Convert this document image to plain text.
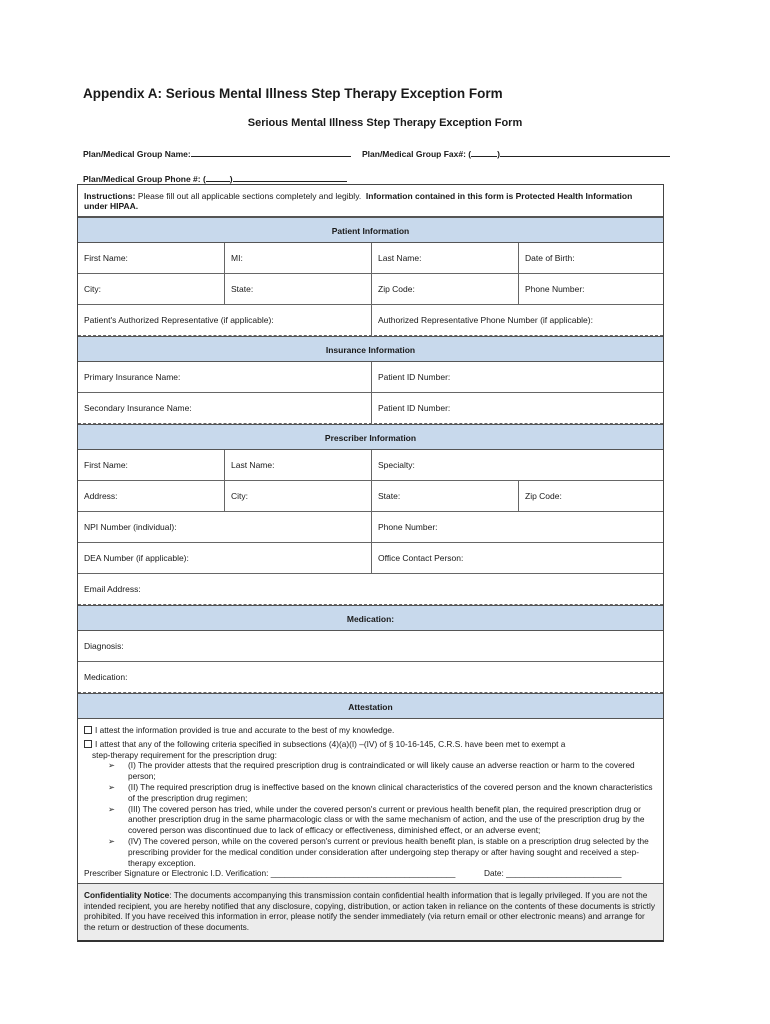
Appendix A: Serious Mental Illness Step Therapy Exception Form
Serious Mental Illness Step Therapy Exception Form
Plan/Medical Group Name:	Plan/Medical Group Fax#: (	)
Plan/Medical Group Phone #: (	)
Instructions: Please fill out all applicable sections completely and legibly. Information contained in this form is Protected Health Information under HIPAA.
Patient Information
First Name:	MI:	Last Name:	Date of Birth:
City:	State:	Zip Code:	Phone Number:
Patient's Authorized Representative (if applicable):	Authorized Representative Phone Number (if applicable):
Insurance Information
Primary Insurance Name:	Patient ID Number:
Secondary Insurance Name:	Patient ID Number:
Prescriber Information
First Name:	Last Name:	Specialty:
Address:	City:	State:	Zip Code:
NPI Number (individual):	Phone Number:
DEA Number (if applicable):	Office Contact Person:
Email Address:
Medication:
Diagnosis:
Medication:
Attestation

I attest the information provided is true and accurate to the best of my knowledge.

I attest that any of the following criteria specified in subsections (4)(a)(I) –(IV) of § 10-16-145, C.R.S. have been met to exempt a

step-therapy requirement for the prescription drug:

➢	(I) The provider attests that the required prescription drug is contraindicated or will likely cause an adverse reaction or harm to the covered person;
➢	(II) The required prescription drug is ineffective based on the known clinical characteristics of the covered person and the known characteristics of the prescription drug regimen;
➢	(III) The covered person has tried, while under the covered person's current or previous health benefit plan, the required prescription drug or another prescription drug in the same pharmacologic class or with the same mechanism of action, and the use of the prescription drug by the covered person was discontinued due to lack of efficacy or effectiveness, diminished effect, or an adverse event;
➢	(IV) The covered person, while on the covered person's current or previous health benefit plan, is stable on a prescription drug selected by the prescribing provider for the medical condition under consideration after undergoing step therapy or after having sought and received a step-therapy exception.
Prescriber Signature or Electronic I.D. Verification: ________________________________________	Date: _________________________
Confidentiality Notice: The documents accompanying this transmission contain confidential health information that is legally privileged. If you are not the intended recipient, you are hereby notified that any disclosure, copying, distribution, or action taken in reliance on the contents of these documents is strictly prohibited. If you have received this information in error, please notify the sender immediately (via return email or other electronic means) and arrange for the return or destruction of these documents.
